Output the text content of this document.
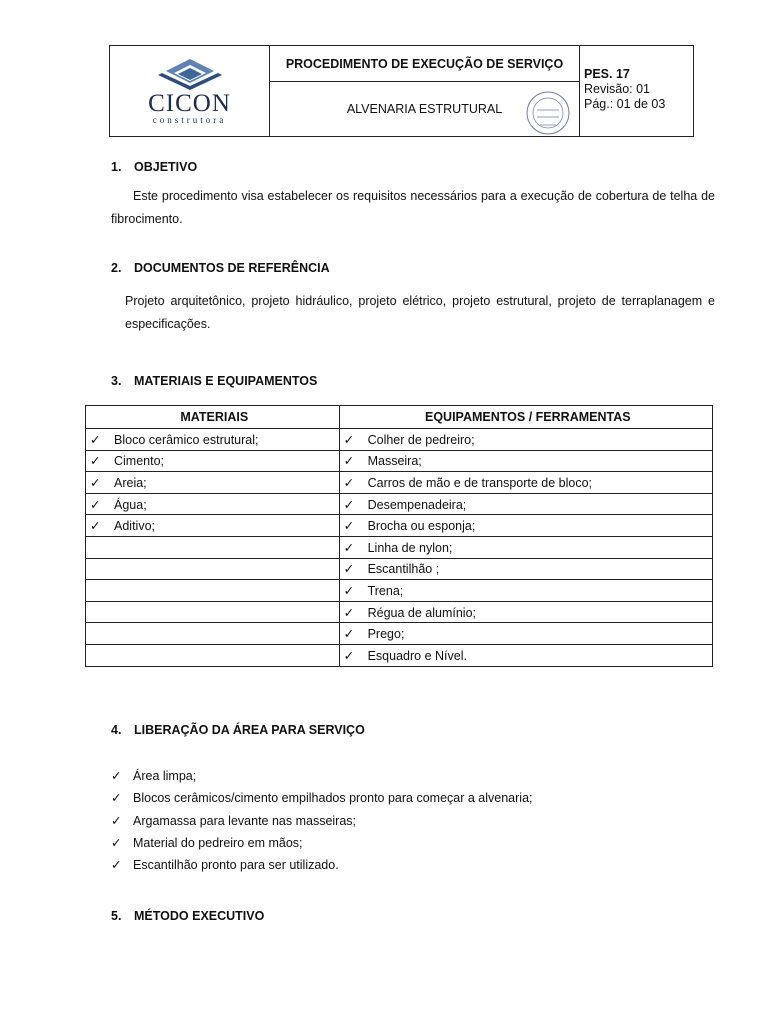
CICON
construtora
PROCEDIMENTO DE EXECUÇÃO DE SERVIÇO
ALVENARIA ESTRUTURAL
PES. 17
Revisão: 01
Pág.: 01 de 03
1. OBJETIVO
Este procedimento visa estabelecer os requisitos necessários para a execução de cobertura de telha de fibrocimento.
2. DOCUMENTOS DE REFERÊNCIA
Projeto arquitetônico, projeto hidráulico, projeto elétrico, projeto estrutural, projeto de terraplanagem e especificações.
3. MATERIAIS E EQUIPAMENTOS
MATERIAIS	EQUIPAMENTOS / FERRAMENTAS
✓ Bloco cerâmico estrutural;	✓ Colher de pedreiro;
✓ Cimento;	✓ Masseira;
✓ Areia;	✓ Carros de mão e de transporte de bloco;
✓ Água;	✓ Desempenadeira;
✓ Aditivo;	✓ Brocha ou esponja;
	✓ Linha de nylon;
	✓ Escantilhão ;
	✓ Trena;
	✓ Régua de alumínio;
	✓ Prego;
	✓ Esquadro e Nível.
4. LIBERAÇÃO DA ÁREA PARA SERVIÇO
✓ Área limpa;
✓ Blocos cerâmicos/cimento empilhados pronto para começar a alvenaria;
✓ Argamassa para levante nas masseiras;
✓ Material do pedreiro em mãos;
✓ Escantilhão pronto para ser utilizado.
5. MÉTODO EXECUTIVO
